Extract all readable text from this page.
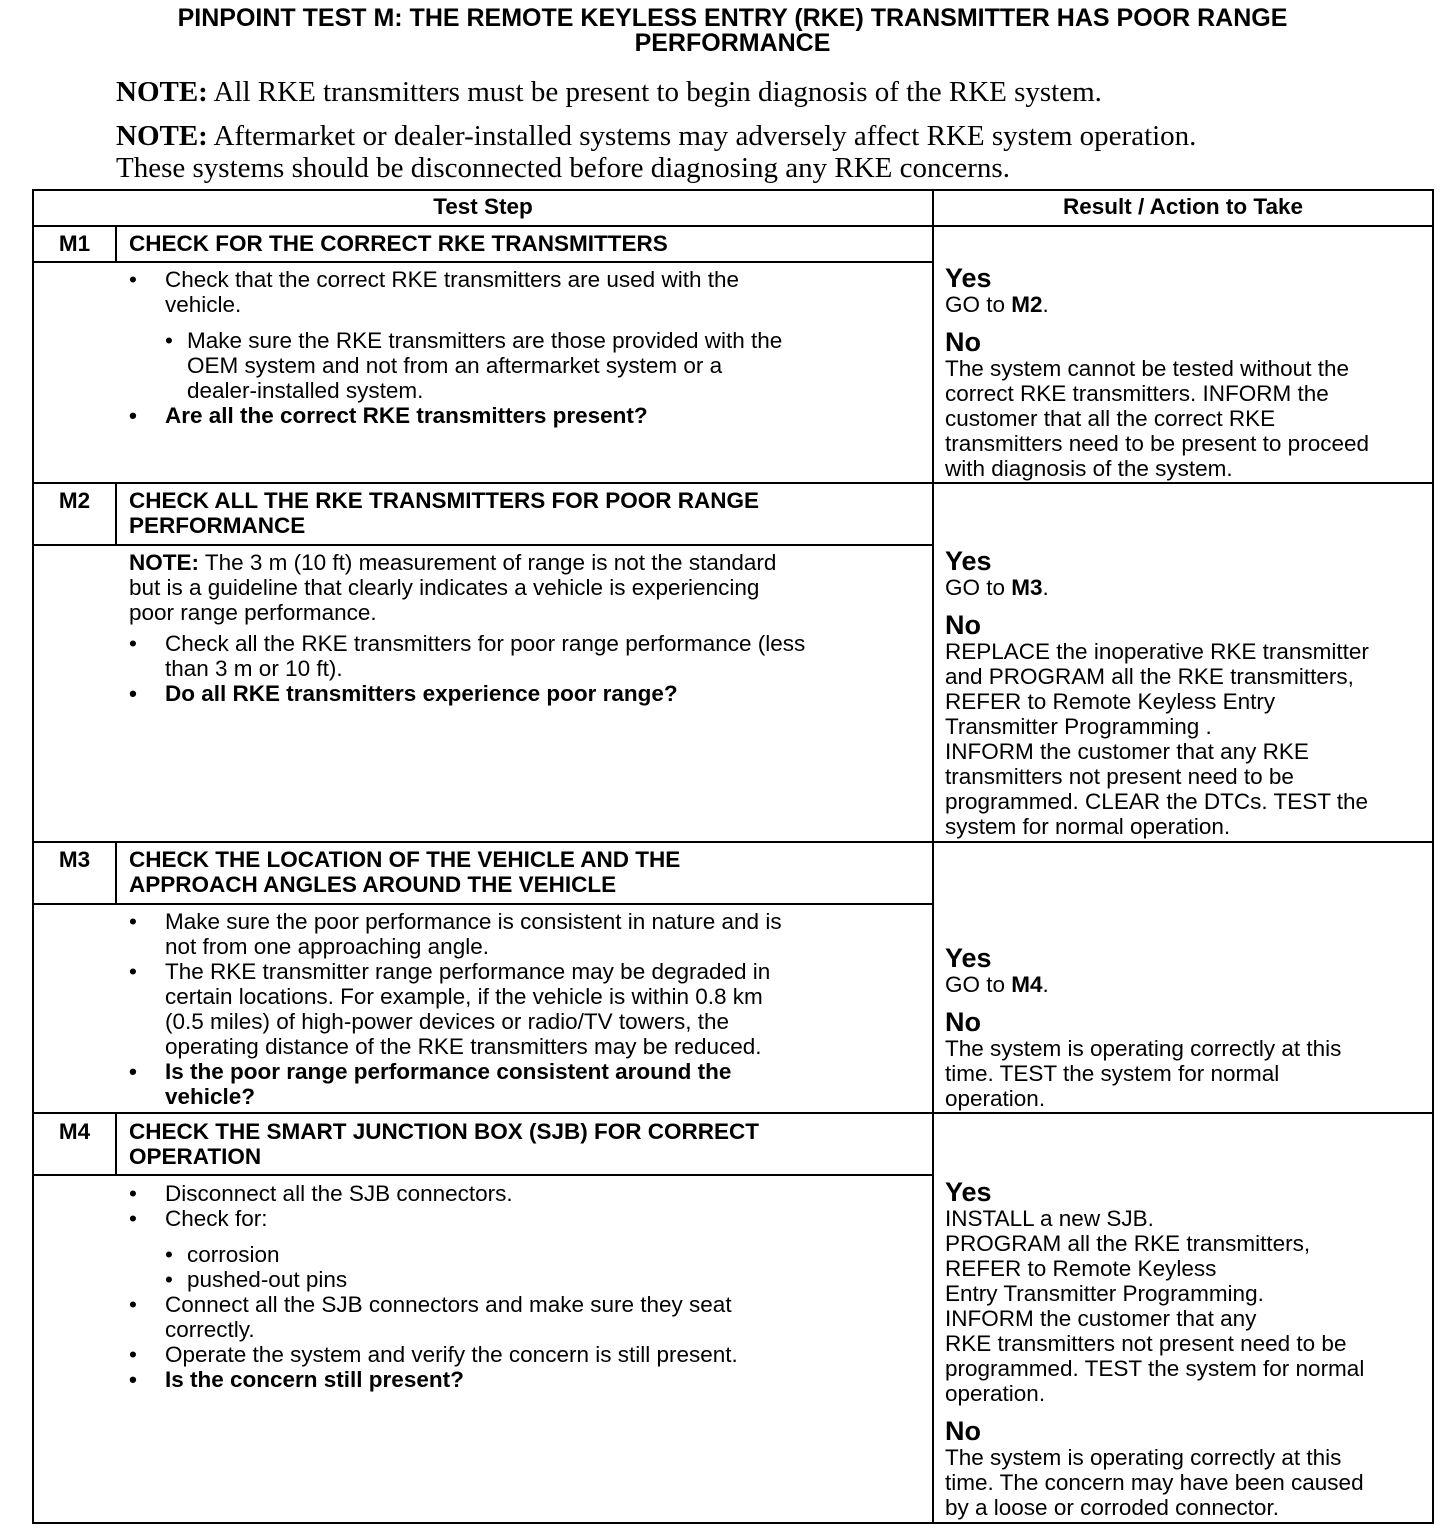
PINPOINT TEST M: THE REMOTE KEYLESS ENTRY (RKE) TRANSMITTER HAS POOR RANGE
PERFORMANCE
NOTE: All RKE transmitters must be present to begin diagnosis of the RKE system.
NOTE: Aftermarket or dealer-installed systems may adversely affect RKE system operation.
These systems should be disconnected before diagnosing any RKE concerns.
Test Step	Result / Action to Take
M1	CHECK FOR THE CORRECT RKE TRANSMITTERS
• Check that the correct RKE transmitters are used with the
vehicle.
• Make sure the RKE transmitters are those provided with the
OEM system and not from an aftermarket system or a
dealer-installed system.
• Are all the correct RKE transmitters present?
Yes
GO to M2.
No
The system cannot be tested without the
correct RKE transmitters. INFORM the
customer that all the correct RKE
transmitters need to be present to proceed
with diagnosis of the system.
M2	CHECK ALL THE RKE TRANSMITTERS FOR POOR RANGE
PERFORMANCE
NOTE: The 3 m (10 ft) measurement of range is not the standard
but is a guideline that clearly indicates a vehicle is experiencing
poor range performance.
• Check all the RKE transmitters for poor range performance (less
than 3 m or 10 ft).
• Do all RKE transmitters experience poor range?
Yes
GO to M3.
No
REPLACE the inoperative RKE transmitter
and PROGRAM all the RKE transmitters,
REFER to Remote Keyless Entry
Transmitter Programming .
INFORM the customer that any RKE
transmitters not present need to be
programmed. CLEAR the DTCs. TEST the
system for normal operation.
M3	CHECK THE LOCATION OF THE VEHICLE AND THE
APPROACH ANGLES AROUND THE VEHICLE
• Make sure the poor performance is consistent in nature and is
not from one approaching angle.
• The RKE transmitter range performance may be degraded in
certain locations. For example, if the vehicle is within 0.8 km
(0.5 miles) of high-power devices or radio/TV towers, the
operating distance of the RKE transmitters may be reduced.
• Is the poor range performance consistent around the
vehicle?
Yes
GO to M4.
No
The system is operating correctly at this
time. TEST the system for normal
operation.
M4	CHECK THE SMART JUNCTION BOX (SJB) FOR CORRECT
OPERATION
• Disconnect all the SJB connectors.
• Check for:
• corrosion
• pushed-out pins
• Connect all the SJB connectors and make sure they seat
correctly.
• Operate the system and verify the concern is still present.
• Is the concern still present?
Yes
INSTALL a new SJB.
PROGRAM all the RKE transmitters,
REFER to Remote Keyless
Entry Transmitter Programming.
INFORM the customer that any
RKE transmitters not present need to be
programmed. TEST the system for normal
operation.
No
The system is operating correctly at this
time. The concern may have been caused
by a loose or corroded connector.
